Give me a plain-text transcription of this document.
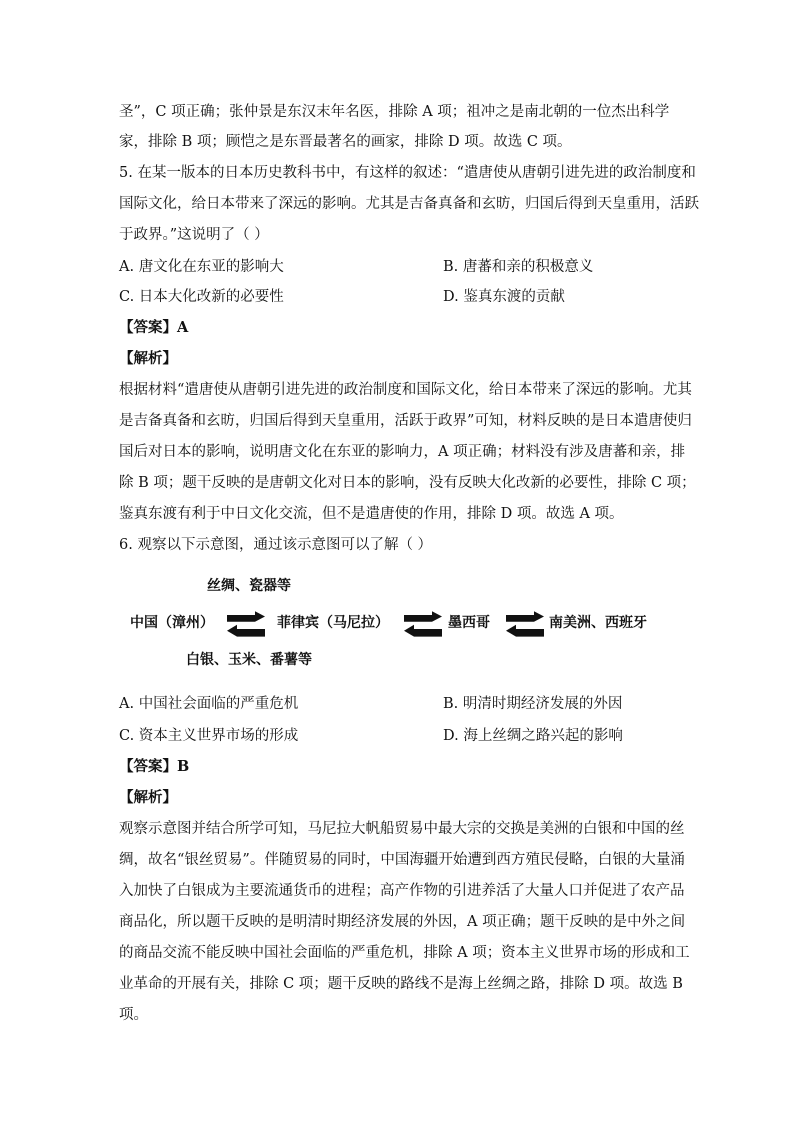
圣”，C 项正确；张仲景是东汉末年名医，排除 A 项；祖冲之是南北朝的一位杰出科学
家，排除 B 项；顾恺之是东晋最著名的画家，排除 D 项。故选 C 项。
5. 在某一版本的日本历史教科书中，有这样的叙述：“遣唐使从唐朝引进先进的政治制度和
国际文化，给日本带来了深远的影响。尤其是吉备真备和玄昉，归国后得到天皇重用，活跃
于政界。”这说明了（ ）
A. 唐文化在东亚的影响大	B. 唐蕃和亲的积极意义
C. 日本大化改新的必要性	D. 鉴真东渡的贡献
【答案】A
【解析】
根据材料“遣唐使从唐朝引进先进的政治制度和国际文化，给日本带来了深远的影响。尤其
是吉备真备和玄昉，归国后得到天皇重用，活跃于政界”可知，材料反映的是日本遣唐使归
国后对日本的影响，说明唐文化在东亚的影响力，A 项正确；材料没有涉及唐蕃和亲，排
除 B 项；题干反映的是唐朝文化对日本的影响，没有反映大化改新的必要性，排除 C 项；
鉴真东渡有利于中日文化交流，但不是遣唐使的作用，排除 D 项。故选 A 项。
6. 观察以下示意图，通过该示意图可以了解（ ）
丝绸、瓷器等
中国（漳州）	菲律宾（马尼拉）	墨西哥	南美洲、西班牙
白银、玉米、番薯等
A. 中国社会面临的严重危机	B. 明清时期经济发展的外因
C. 资本主义世界市场的形成	D. 海上丝绸之路兴起的影响
【答案】B
【解析】
观察示意图并结合所学可知，马尼拉大帆船贸易中最大宗的交换是美洲的白银和中国的丝
绸，故名“银丝贸易”。伴随贸易的同时，中国海疆开始遭到西方殖民侵略，白银的大量涌
入加快了白银成为主要流通货币的进程；高产作物的引进养活了大量人口并促进了农产品
商品化，所以题干反映的是明清时期经济发展的外因，A 项正确；题干反映的是中外之间
的商品交流不能反映中国社会面临的严重危机，排除 A 项；资本主义世界市场的形成和工
业革命的开展有关，排除 C 项；题干反映的路线不是海上丝绸之路，排除 D 项。故选 B
项。
